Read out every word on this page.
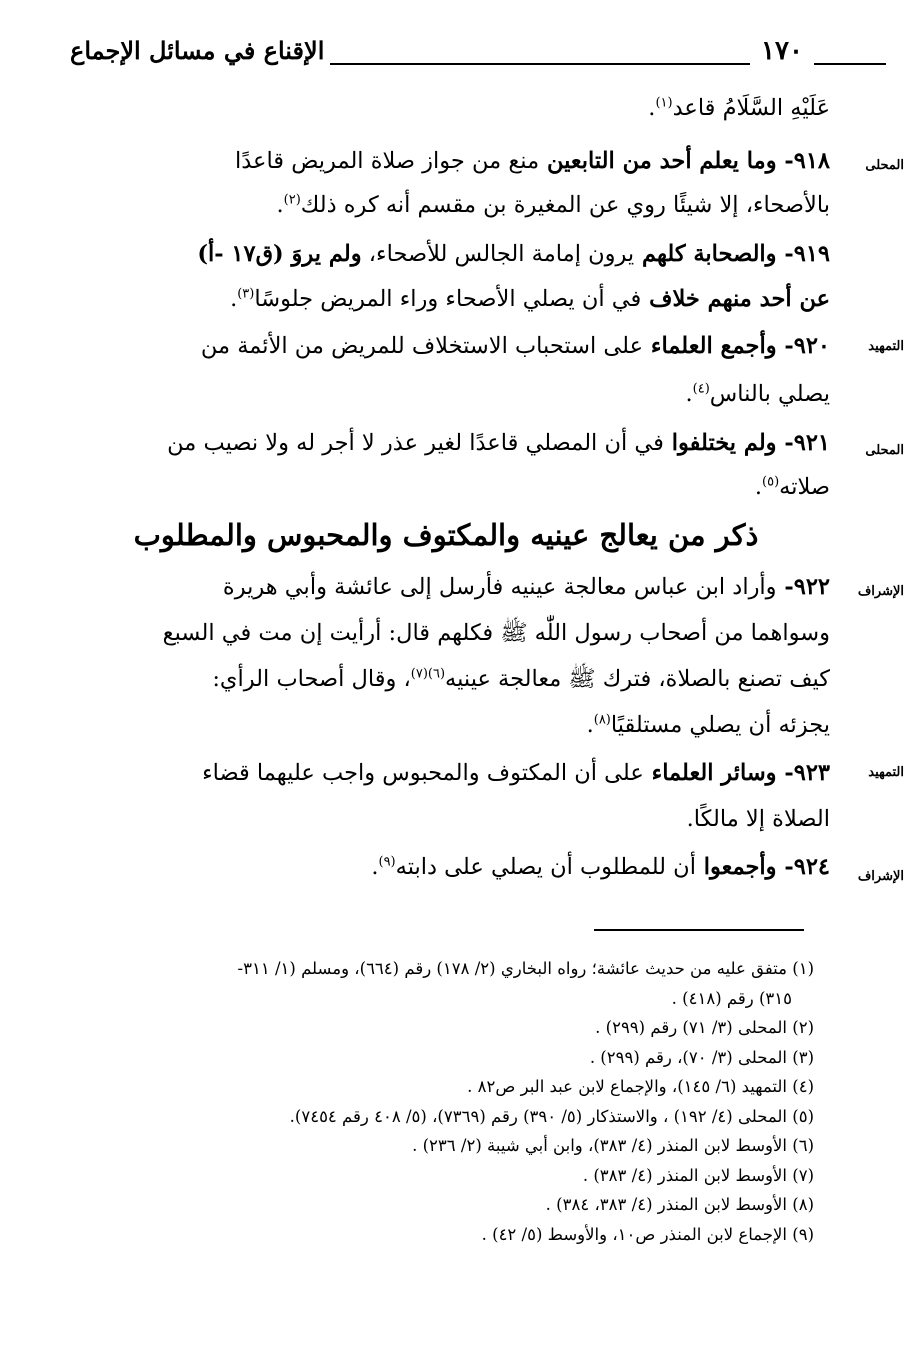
الإقناع في مسائل الإجماع	١٧٠
المحلى
التمهيد
المحلى
الإشراف
التمهيد
الإشراف
عَلَيْهِ السَّلَامُ قاعد$^{(١)}$.
٩١٨- وما يعلم أحد من التابعين منع من جواز صلاة المريض قاعدًا
بالأصحاء، إلا شيئًا روي عن المغيرة بن مقسم أنه كره ذلك$^{(٢)}$.
٩١٩- والصحابة كلهم يرون إمامة الجالس للأصحاء، ولم يروَ (ق١٧ -أ)
عن أحد منهم خلاف في أن يصلي الأصحاء وراء المريض جلوسًا$^{(٣)}$.
٩٢٠- وأجمع العلماء على استحباب الاستخلاف للمريض من الأئمة من
يصلي بالناس$^{(٤)}$.
٩٢١- ولم يختلفوا في أن المصلي قاعدًا لغير عذر لا أجر له ولا نصيب من
صلاته$^{(٥)}$.
ذكر من يعالج عينيه والمكتوف والمحبوس والمطلوب
٩٢٢- وأراد ابن عباس معالجة عينيه فأرسل إلى عائشة وأبي هريرة
وسواهما من أصحاب رسول اللّٰه ﷺ فكلهم قال: أرأيت إن مت في السبع
كيف تصنع بالصلاة، فترك ﷺ معالجة عينيه$^{(٦)(٧)}$، وقال أصحاب الرأي:
يجزئه أن يصلي مستلقيًا$^{(٨)}$.
٩٢٣- وسائر العلماء على أن المكتوف والمحبوس واجب عليهما قضاء
الصلاة إلا مالكًا.
٩٢٤- وأجمعوا أن للمطلوب أن يصلي على دابته$^{(٩)}$.
(١) متفق عليه من حديث عائشة؛ رواه البخاري (٢/ ١٧٨) رقم (٦٦٤)، ومسلم (١/ ٣١١-
٣١٥) رقم (٤١٨) .
(٢) المحلى (٣/ ٧١) رقم (٢٩٩) .
(٣) المحلى (٣/ ٧٠)، رقم (٢٩٩) .
(٤) التمهيد (٦/ ١٤٥)، والإجماع لابن عبد البر ص٨٢ .
(٥) المحلى (٤/ ١٩٢) ، والاستذكار (٥/ ٣٩٠) رقم (٧٣٦٩)، (٥/ ٤٠٨ رقم ٧٤٥٤).
(٦) الأوسط لابن المنذر (٤/ ٣٨٣)، وابن أبي شيبة (٢/ ٢٣٦) .
(٧) الأوسط لابن المنذر (٤/ ٣٨٣) .
(٨) الأوسط لابن المنذر (٤/ ٣٨٣، ٣٨٤) .
(٩) الإجماع لابن المنذر ص١٠، والأوسط (٥/ ٤٢) .
